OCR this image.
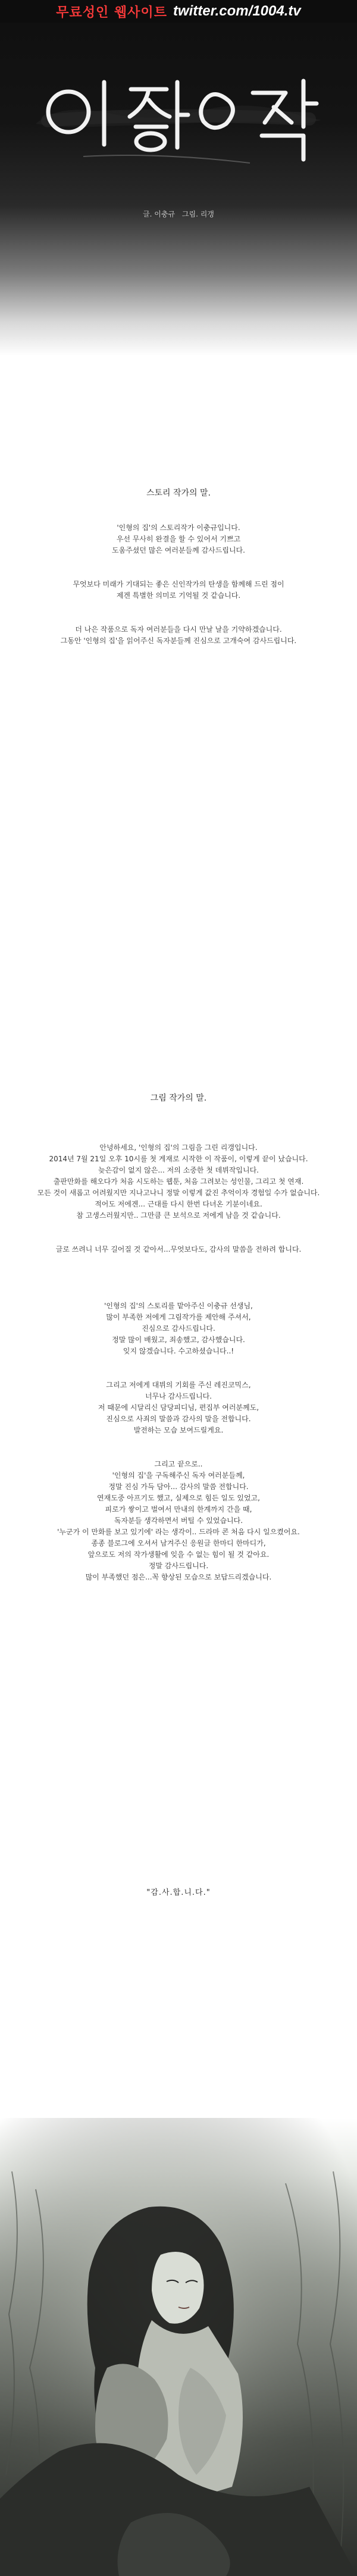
무료성인 웹사이트 twitter.com/1004.tv
글. 이충규 그림. 리갱
스토리 작가의 말.
'인형의 집'의 스토리작가 이충규입니다.
우선 무사히 완결을 할 수 있어서 기쁘고
도움주셨던 많은 여러분들께 감사드립니다.
무엇보다 미래가 기대되는 좋은 신인작가의 탄생을 함께해 드린 점이
제겐 특별한 의미로 기억될 것 같습니다.
더 나은 작품으로 독자 여러분들을 다시 만날 날을 기약하겠습니다.
그동안 '인형의 집'을 읽어주신 독자분들께 진심으로 고개숙여 감사드립니다.
그림 작가의 말.
안녕하세요, '인형의 집'의 그림을 그린 리갱입니다.
2014년 7월 21일 오후 10시를 첫 게재로 시작한 이 작품이, 이렇게 끝이 났습니다.
늦은감이 없지 않은... 저의 소중한 첫 데뷔작입니다.
출판만화를 해오다가 처음 시도하는 웹툰, 처음 그려보는 성인물, 그리고 첫 연재.
모든 것이 새롭고 어려웠지만 지나고나니 정말 이렇게 값진 추억이자 경험일 수가 없습니다.
적어도 저에겐... 근대를 다시 한번 다녀온 기분이네요.
참 고생스러웠지만.. 그만큼 큰 보석으로 저에게 남을 것 같습니다.
글로 쓰려니 너무 길어질 것 같아서...무엇보다도, 감사의 말씀을 전하려 합니다.
'인형의 집'의 스토리를 맡아주신 이충규 선생님,
많이 부족한 저에게 그림작가를 제안해 주셔서,
진심으로 감사드립니다.
정말 많이 배웠고, 죄송했고, 감사했습니다.
잊지 않겠습니다. 수고하셨습니다..!
그리고 저에게 대뷔의 기회를 주신 레진코믹스,
너무나 감사드립니다.
저 때문에 시달리신 담당피디님, 편집부 여러분께도,
진심으로 사죄의 말씀과 감사의 말을 전합니다.
발전하는 모습 보여드릴게요.
그리고 끝으로..
'인형의 집'을 구독해주신 독자 여러분들께,
정말 진심 가득 담아... 감사의 말씀 전합니다.
연재도중 아프기도 했고, 실제으로 힘든 일도 있었고,
피로가 쌓이고 벌여서 만내의 한계까지 간을 때,
독자분들 생각하면서 버틸 수 있었습니다.
'누군가 이 만화를 보고 있기에' 라는 생각이.. 드라마 콘 처음 다시 일으켰어요.
종종 블로그에 오셔서 남겨주신 응원글 한마디 한마디가,
앞으로도 저의 작가생활에 잊을 수 없는 힘이 될 것 같아요.
정말 감사드립니다.
많이 부족했던 점은...꼭 향상된 모습으로 보답드리겠습니다.
"감.사.합.니.다."
